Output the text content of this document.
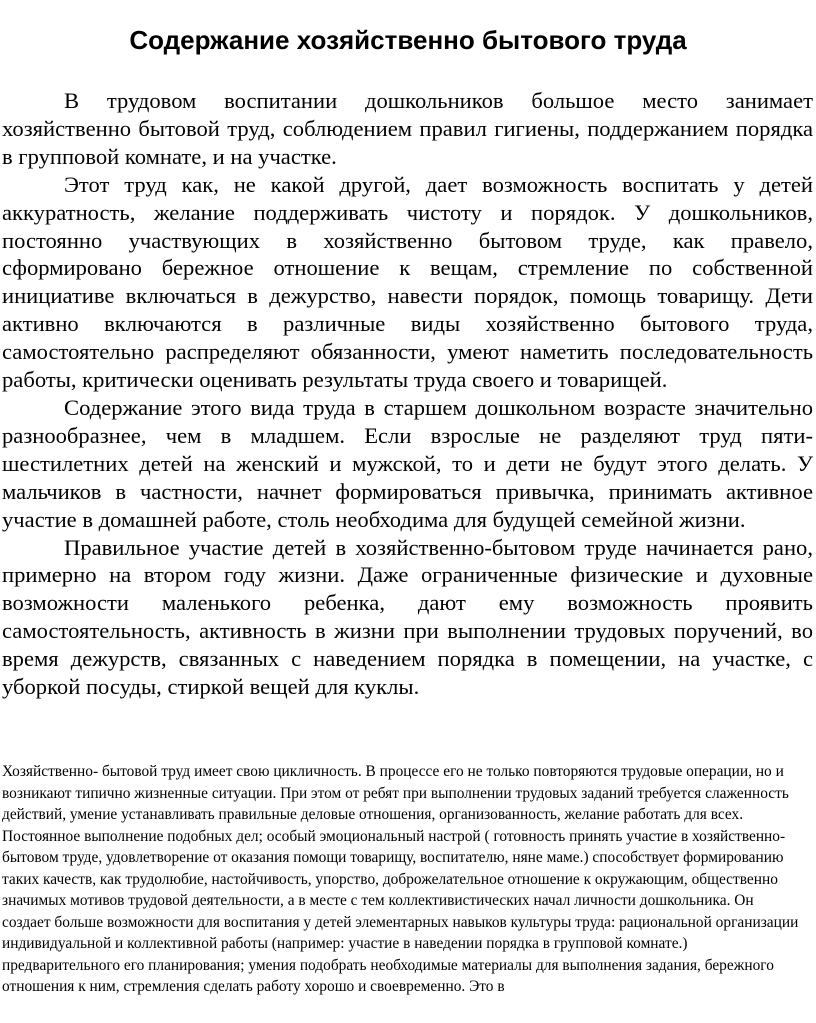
Содержание хозяйственно бытового труда

В трудовом воспитании дошкольников большое место занимает хозяйственно бытовой труд, соблюдением правил гигиены, поддержанием порядка в групповой комнате, и на участке.

Этот труд как, не какой другой, дает возможность воспитать у детей аккуратность, желание поддерживать чистоту и порядок. У дошкольников, постоянно участвующих в хозяйственно бытовом труде, как правело, сформировано бережное отношение к вещам, стремление по собственной инициативе включаться в дежурство, навести порядок, помощь товарищу. Дети активно включаются в различные виды хозяйственно бытового труда, самостоятельно распределяют обязанности, умеют наметить последовательность работы, критически оценивать результаты труда своего и товарищей.

Содержание этого вида труда в старшем дошкольном возрасте значительно разнообразнее, чем в младшем. Если взрослые не разделяют труд пяти-шестилетних детей на женский и мужской, то и дети не будут этого делать. У мальчиков в частности, начнет формироваться привычка, принимать активное участие в домашней работе, столь необходима для будущей семейной жизни.

Правильное участие детей в хозяйственно-бытовом труде начинается рано, примерно на втором году жизни. Даже ограниченные физические и духовные возможности маленького ребенка, дают ему возможность проявить самостоятельность, активность в жизни при выполнении трудовых поручений, во время дежурств, связанных с наведением порядка в помещении, на участке, с уборкой посуды, стиркой вещей для куклы.

Хозяйственно- бытовой труд имеет свою цикличность. В процессе его не только повторяются трудовые операции, но и возникают типично жизненные ситуации. При этом от ребят при выполнении трудовых заданий требуется слаженность действий, умение устанавливать правильные деловые отношения, организованность, желание работать для всех. Постоянное выполнение подобных дел; особый эмоциональный настрой ( готовность принять участие в хозяйственно-бытовом труде, удовлетворение от оказания помощи товарищу, воспитателю, няне маме.) способствует формированию таких качеств, как трудолюбие, настойчивость, упорство, доброжелательное отношение к окружающим, общественно значимых мотивов трудовой деятельности, а в месте с тем коллективистических начал личности дошкольника. Он создает больше возможности для воспитания у детей элементарных навыков культуры труда: рациональной организации индивидуальной и коллективной работы (например: участие в наведении порядка в групповой комнате.) предварительного его планирования; умения подобрать необходимые материалы для выполнения задания, бережного отношения к ним, стремления сделать работу хорошо и своевременно. Это в
